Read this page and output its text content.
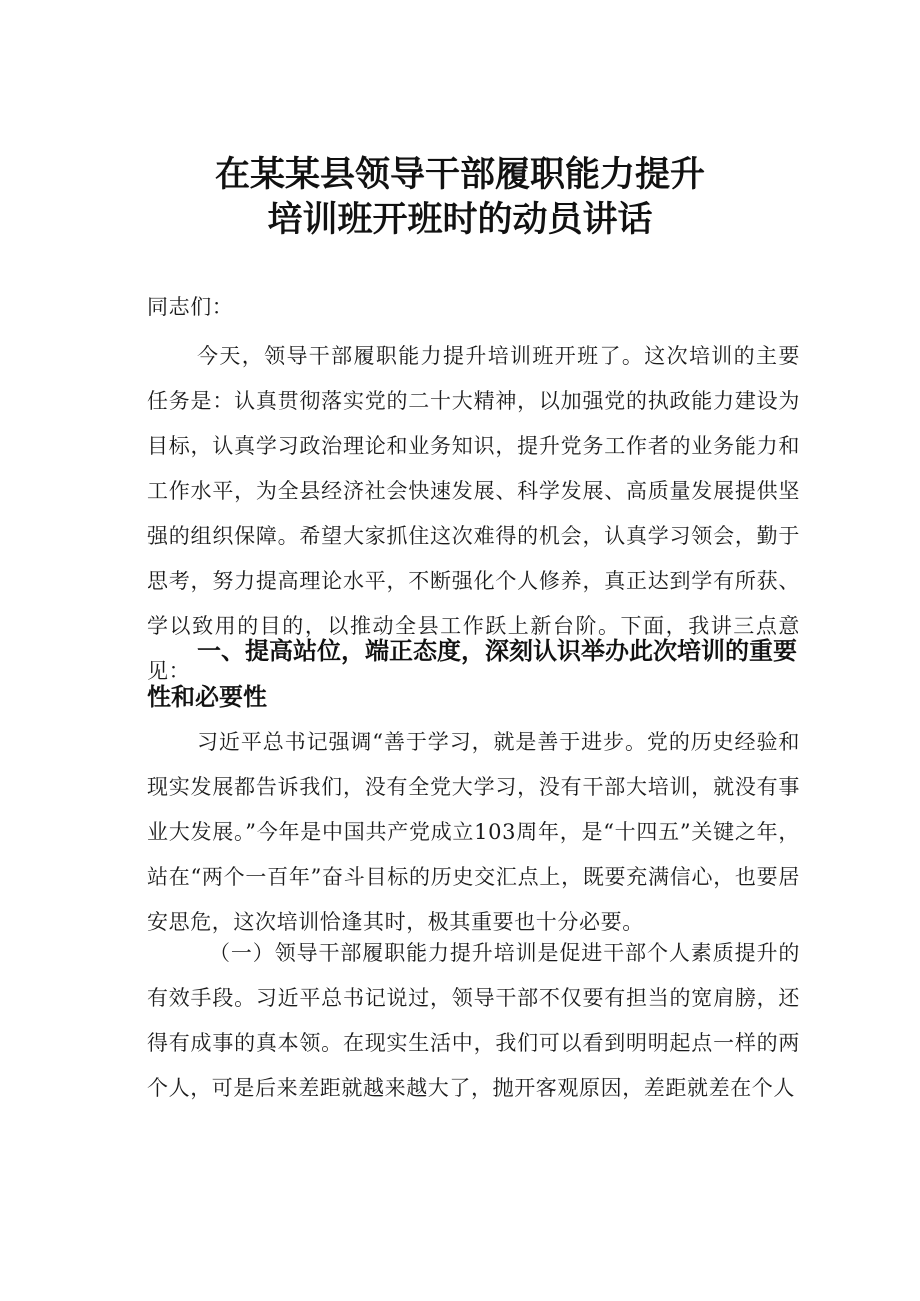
在某某县领导干部履职能力提升
培训班开班时的动员讲话

同志们：

今天，领导干部履职能力提升培训班开班了。这次培训的主要任务是：认真贯彻落实党的二十大精神，以加强党的执政能力建设为目标，认真学习政治理论和业务知识，提升党务工作者的业务能力和工作水平，为全县经济社会快速发展、科学发展、高质量发展提供坚强的组织保障。希望大家抓住这次难得的机会，认真学习领会，勤于思考，努力提高理论水平，不断强化个人修养，真正达到学有所获、学以致用的目的，以推动全县工作跃上新台阶。下面，我讲三点意见：

一、提高站位，端正态度，深刻认识举办此次培训的重要性和必要性

习近平总书记强调“善于学习，就是善于进步。党的历史经验和现实发展都告诉我们，没有全党大学习，没有干部大培训，就没有事业大发展。”今年是中国共产党成立103周年，是“十四五”关键之年，站在“两个一百年”奋斗目标的历史交汇点上，既要充满信心，也要居安思危，这次培训恰逢其时，极其重要也十分必要。

（一）领导干部履职能力提升培训是促进干部个人素质提升的有效手段。习近平总书记说过，领导干部不仅要有担当的宽肩膀，还得有成事的真本领。在现实生活中，我们可以看到明明起点一样的两个人，可是后来差距就越来越大了，抛开客观原因，差距就差在个人
